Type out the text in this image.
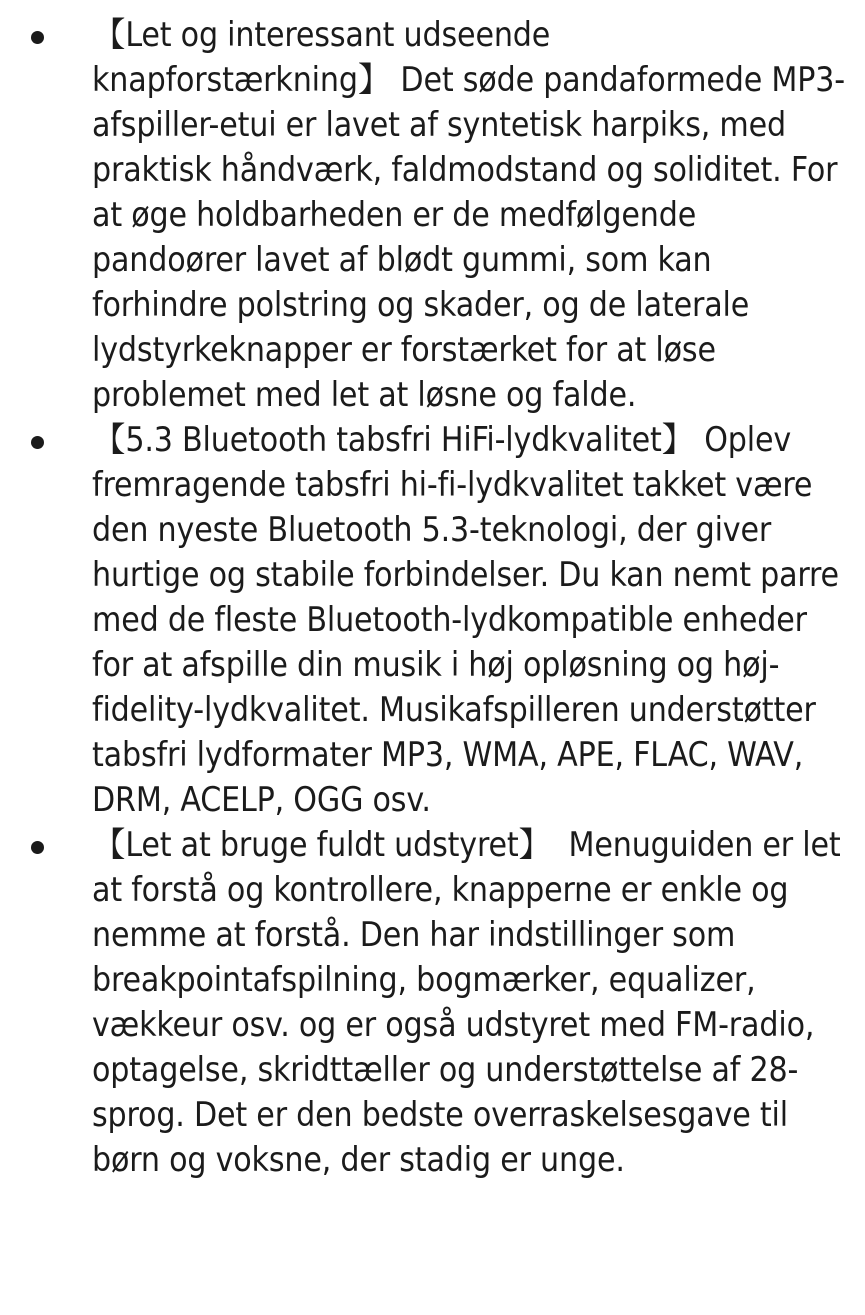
【Let og interessant udseende knapforstærkning】 Det søde pandaformede MP3-afspiller-etui er lavet af syntetisk harpiks, med praktisk håndværk, faldmodstand og soliditet. For at øge holdbarheden er de medfølgende pandoører lavet af blødt gummi, som kan forhindre polstring og skader, og de laterale lydstyrkeknapper er forstærket for at løse problemet med let at løsne og falde.
【5.3 Bluetooth tabsfri HiFi-lydkvalitet】 Oplev fremragende tabsfri hi-fi-lydkvalitet takket være den nyeste Bluetooth 5.3-teknologi, der giver hurtige og stabile forbindelser. Du kan nemt parre med de fleste Bluetooth-lydkompatible enheder for at afspille din musik i høj opløsning og høj-fidelity-lydkvalitet. Musikafspilleren understøtter tabsfri lydformater MP3, WMA, APE, FLAC, WAV, DRM, ACELP, OGG osv.
【Let at bruge fuldt udstyret】　Menuguiden er let at forstå og kontrollere, knapperne er enkle og nemme at forstå. Den har indstillinger som breakpointafspilning, bogmærker, equalizer, vækkeur osv. og er også udstyret med FM-radio, optagelse, skridttæller og understøttelse af 28-sprog. Det er den bedste overraskelsesgave til børn og voksne, der stadig er unge.
